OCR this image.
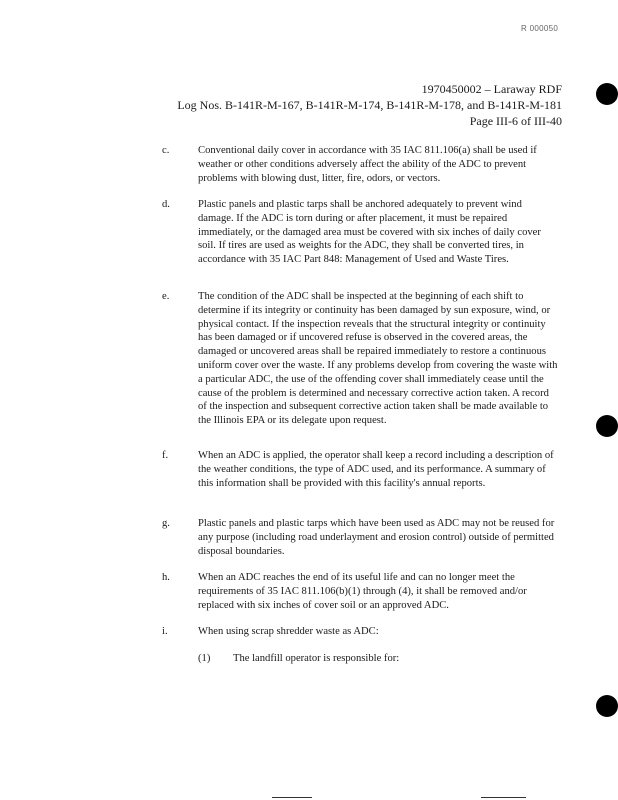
R 000050
1970450002 – Laraway RDF
Log Nos. B-141R-M-167, B-141R-M-174, B-141R-M-178, and B-141R-M-181
Page III-6 of III-40
c.	Conventional daily cover in accordance with 35 IAC 811.106(a) shall be used if weather or other conditions adversely affect the ability of the ADC to prevent problems with blowing dust, litter, fire, odors, or vectors.
d.	Plastic panels and plastic tarps shall be anchored adequately to prevent wind damage. If the ADC is torn during or after placement, it must be repaired immediately, or the damaged area must be covered with six inches of daily cover soil. If tires are used as weights for the ADC, they shall be converted tires, in accordance with 35 IAC Part 848: Management of Used and Waste Tires.
e.	The condition of the ADC shall be inspected at the beginning of each shift to determine if its integrity or continuity has been damaged by sun exposure, wind, or physical contact. If the inspection reveals that the structural integrity or continuity has been damaged or if uncovered refuse is observed in the covered areas, the damaged or uncovered areas shall be repaired immediately to restore a continuous uniform cover over the waste. If any problems develop from covering the waste with a particular ADC, the use of the offending cover shall immediately cease until the cause of the problem is determined and necessary corrective action taken. A record of the inspection and subsequent corrective action taken shall be made available to the Illinois EPA or its delegate upon request.
f.	When an ADC is applied, the operator shall keep a record including a description of the weather conditions, the type of ADC used, and its performance. A summary of this information shall be provided with this facility's annual reports.
g.	Plastic panels and plastic tarps which have been used as ADC may not be reused for any purpose (including road underlayment and erosion control) outside of permitted disposal boundaries.
h.	When an ADC reaches the end of its useful life and can no longer meet the requirements of 35 IAC 811.106(b)(1) through (4), it shall be removed and/or replaced with six inches of cover soil or an approved ADC.
i.	When using scrap shredder waste as ADC:
(1) The landfill operator is responsible for:
